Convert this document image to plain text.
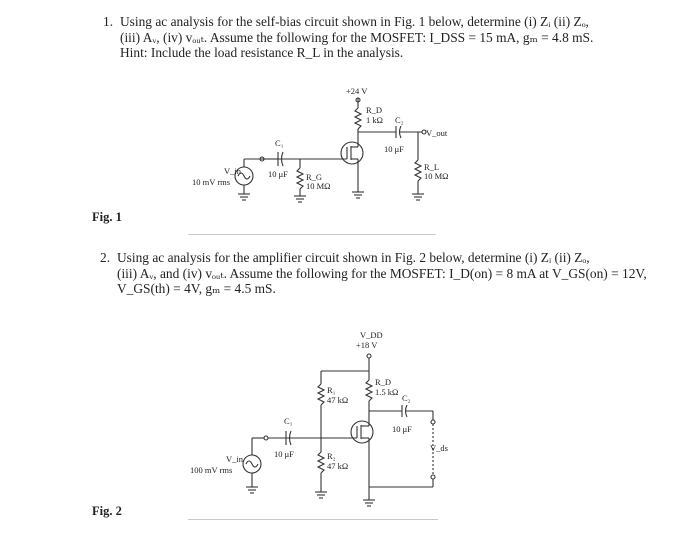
1. Using ac analysis for the self-bias circuit shown in Fig. 1 below, determine (i) Zᵢ (ii) Zₒ,
(iii) Aᵥ, (iv) vₒᵤₜ. Assume the following for the MOSFET: I_DSS = 15 mA, gₘ = 4.8 mS.
Hint: Include the load resistance R_L in the analysis.
+24 V
R_D
1 kΩ C₂
10 μF
V_out
C₁
10 μF
V_in
10 mV rms	R_G
10 MΩ
R_L
10 MΩ
V_DD
+18 V
R_D
1.5 kΩ
R₁
47 kΩ
R₂
47 kΩ
C₁
10 μF
C₂
10 μF
V_ds
V_in
100 mV rms
Fig. 1
2. Using ac analysis for the amplifier circuit shown in Fig. 2 below, determine (i) Zᵢ (ii) Zₒ,
(iii) Aᵥ, and (iv) vₒᵤₜ. Assume the following for the MOSFET: I_D(on) = 8 mA at V_GS(on) = 12V,
V_GS(th) = 4V, gₘ = 4.5 mS.
Fig. 2
